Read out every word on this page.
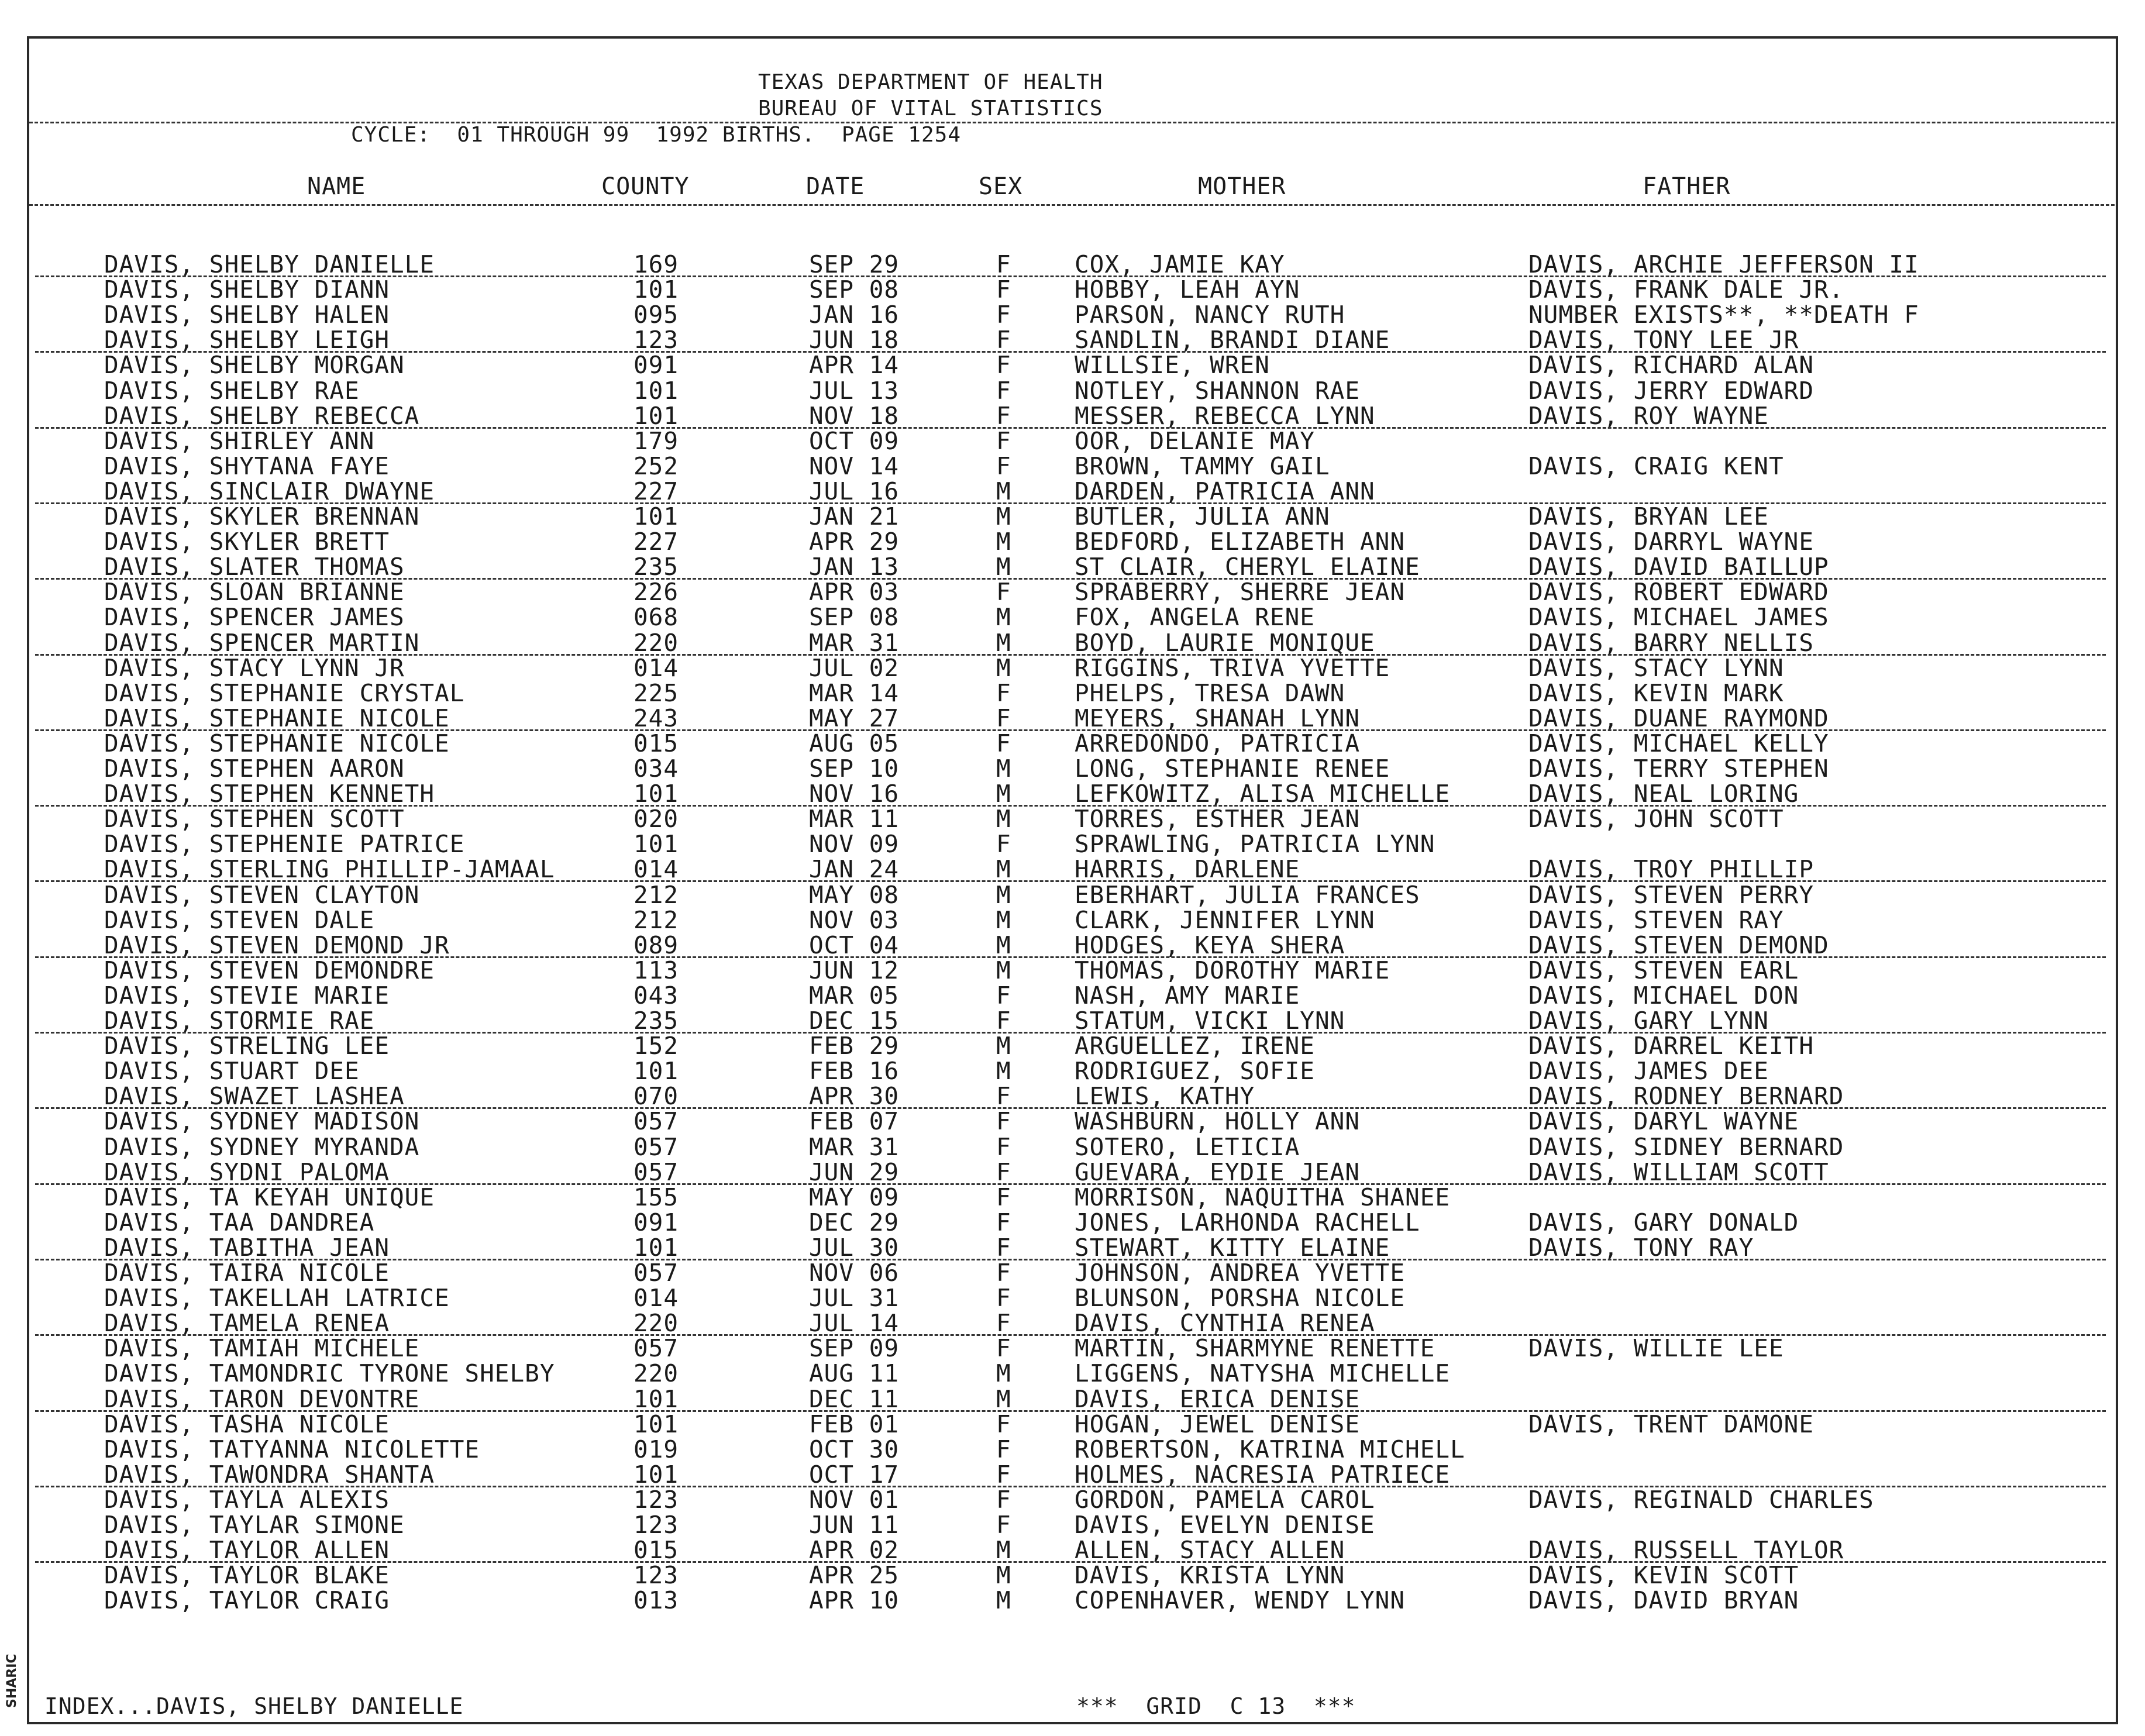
SHARIC
TEXAS DEPARTMENT OF HEALTH
BUREAU OF VITAL STATISTICS
CYCLE:  01 THROUGH 99  1992 BIRTHS.  PAGE 1254
NAME	COUNTY	DATE	SEX	MOTHER	FATHER
DAVIS, SHELBY DANIELLE	169	SEP 29	F	COX, JAMIE KAY	DAVIS, ARCHIE JEFFERSON II
DAVIS, SHELBY DIANN	101	SEP 08	F	HOBBY, LEAH AYN	DAVIS, FRANK DALE JR.
DAVIS, SHELBY HALEN	095	JAN 16	F	PARSON, NANCY RUTH	NUMBER EXISTS**, **DEATH F
DAVIS, SHELBY LEIGH	123	JUN 18	F	SANDLIN, BRANDI DIANE	DAVIS, TONY LEE JR
DAVIS, SHELBY MORGAN	091	APR 14	F	WILLSIE, WREN	DAVIS, RICHARD ALAN
DAVIS, SHELBY RAE	101	JUL 13	F	NOTLEY, SHANNON RAE	DAVIS, JERRY EDWARD
DAVIS, SHELBY REBECCA	101	NOV 18	F	MESSER, REBECCA LYNN	DAVIS, ROY WAYNE
DAVIS, SHIRLEY ANN	179	OCT 09	F	OOR, DELANIE MAY
DAVIS, SHYTANA FAYE	252	NOV 14	F	BROWN, TAMMY GAIL	DAVIS, CRAIG KENT
DAVIS, SINCLAIR DWAYNE	227	JUL 16	M	DARDEN, PATRICIA ANN
DAVIS, SKYLER BRENNAN	101	JAN 21	M	BUTLER, JULIA ANN	DAVIS, BRYAN LEE
DAVIS, SKYLER BRETT	227	APR 29	M	BEDFORD, ELIZABETH ANN	DAVIS, DARRYL WAYNE
DAVIS, SLATER THOMAS	235	JAN 13	M	ST CLAIR, CHERYL ELAINE	DAVIS, DAVID BAILLUP
DAVIS, SLOAN BRIANNE	226	APR 03	F	SPRABERRY, SHERRE JEAN	DAVIS, ROBERT EDWARD
DAVIS, SPENCER JAMES	068	SEP 08	M	FOX, ANGELA RENE	DAVIS, MICHAEL JAMES
DAVIS, SPENCER MARTIN	220	MAR 31	M	BOYD, LAURIE MONIQUE	DAVIS, BARRY NELLIS
DAVIS, STACY LYNN JR	014	JUL 02	M	RIGGINS, TRIVA YVETTE	DAVIS, STACY LYNN
DAVIS, STEPHANIE CRYSTAL	225	MAR 14	F	PHELPS, TRESA DAWN	DAVIS, KEVIN MARK
DAVIS, STEPHANIE NICOLE	243	MAY 27	F	MEYERS, SHANAH LYNN	DAVIS, DUANE RAYMOND
DAVIS, STEPHANIE NICOLE	015	AUG 05	F	ARREDONDO, PATRICIA	DAVIS, MICHAEL KELLY
DAVIS, STEPHEN AARON	034	SEP 10	M	LONG, STEPHANIE RENEE	DAVIS, TERRY STEPHEN
DAVIS, STEPHEN KENNETH	101	NOV 16	M	LEFKOWITZ, ALISA MICHELLE	DAVIS, NEAL LORING
DAVIS, STEPHEN SCOTT	020	MAR 11	M	TORRES, ESTHER JEAN	DAVIS, JOHN SCOTT
DAVIS, STEPHENIE PATRICE	101	NOV 09	F	SPRAWLING, PATRICIA LYNN
DAVIS, STERLING PHILLIP-JAMAAL	014	JAN 24	M	HARRIS, DARLENE	DAVIS, TROY PHILLIP
DAVIS, STEVEN CLAYTON	212	MAY 08	M	EBERHART, JULIA FRANCES	DAVIS, STEVEN PERRY
DAVIS, STEVEN DALE	212	NOV 03	M	CLARK, JENNIFER LYNN	DAVIS, STEVEN RAY
DAVIS, STEVEN DEMOND JR	089	OCT 04	M	HODGES, KEYA SHERA	DAVIS, STEVEN DEMOND
DAVIS, STEVEN DEMONDRE	113	JUN 12	M	THOMAS, DOROTHY MARIE	DAVIS, STEVEN EARL
DAVIS, STEVIE MARIE	043	MAR 05	F	NASH, AMY MARIE	DAVIS, MICHAEL DON
DAVIS, STORMIE RAE	235	DEC 15	F	STATUM, VICKI LYNN	DAVIS, GARY LYNN
DAVIS, STRELING LEE	152	FEB 29	M	ARGUELLEZ, IRENE	DAVIS, DARREL KEITH
DAVIS, STUART DEE	101	FEB 16	M	RODRIGUEZ, SOFIE	DAVIS, JAMES DEE
DAVIS, SWAZET LASHEA	070	APR 30	F	LEWIS, KATHY	DAVIS, RODNEY BERNARD
DAVIS, SYDNEY MADISON	057	FEB 07	F	WASHBURN, HOLLY ANN	DAVIS, DARYL WAYNE
DAVIS, SYDNEY MYRANDA	057	MAR 31	F	SOTERO, LETICIA	DAVIS, SIDNEY BERNARD
DAVIS, SYDNI PALOMA	057	JUN 29	F	GUEVARA, EYDIE JEAN	DAVIS, WILLIAM SCOTT
DAVIS, TA KEYAH UNIQUE	155	MAY 09	F	MORRISON, NAQUITHA SHANEE
DAVIS, TAA DANDREA	091	DEC 29	F	JONES, LARHONDA RACHELL	DAVIS, GARY DONALD
DAVIS, TABITHA JEAN	101	JUL 30	F	STEWART, KITTY ELAINE	DAVIS, TONY RAY
DAVIS, TAIRA NICOLE	057	NOV 06	F	JOHNSON, ANDREA YVETTE
DAVIS, TAKELLAH LATRICE	014	JUL 31	F	BLUNSON, PORSHA NICOLE
DAVIS, TAMELA RENEA	220	JUL 14	F	DAVIS, CYNTHIA RENEA
DAVIS, TAMIAH MICHELE	057	SEP 09	F	MARTIN, SHARMYNE RENETTE	DAVIS, WILLIE LEE
DAVIS, TAMONDRIC TYRONE SHELBY	220	AUG 11	M	LIGGENS, NATYSHA MICHELLE
DAVIS, TARON DEVONTRE	101	DEC 11	M	DAVIS, ERICA DENISE
DAVIS, TASHA NICOLE	101	FEB 01	F	HOGAN, JEWEL DENISE	DAVIS, TRENT DAMONE
DAVIS, TATYANNA NICOLETTE	019	OCT 30	F	ROBERTSON, KATRINA MICHELL
DAVIS, TAWONDRA SHANTA	101	OCT 17	F	HOLMES, NACRESIA PATRIECE
DAVIS, TAYLA ALEXIS	123	NOV 01	F	GORDON, PAMELA CAROL	DAVIS, REGINALD CHARLES
DAVIS, TAYLAR SIMONE	123	JUN 11	F	DAVIS, EVELYN DENISE
DAVIS, TAYLOR ALLEN	015	APR 02	M	ALLEN, STACY ALLEN	DAVIS, RUSSELL TAYLOR
DAVIS, TAYLOR BLAKE	123	APR 25	M	DAVIS, KRISTA LYNN	DAVIS, KEVIN SCOTT
DAVIS, TAYLOR CRAIG	013	APR 10	M	COPENHAVER, WENDY LYNN	DAVIS, DAVID BRYAN
INDEX...DAVIS, SHELBY DANIELLE	***  GRID  C 13  ***
